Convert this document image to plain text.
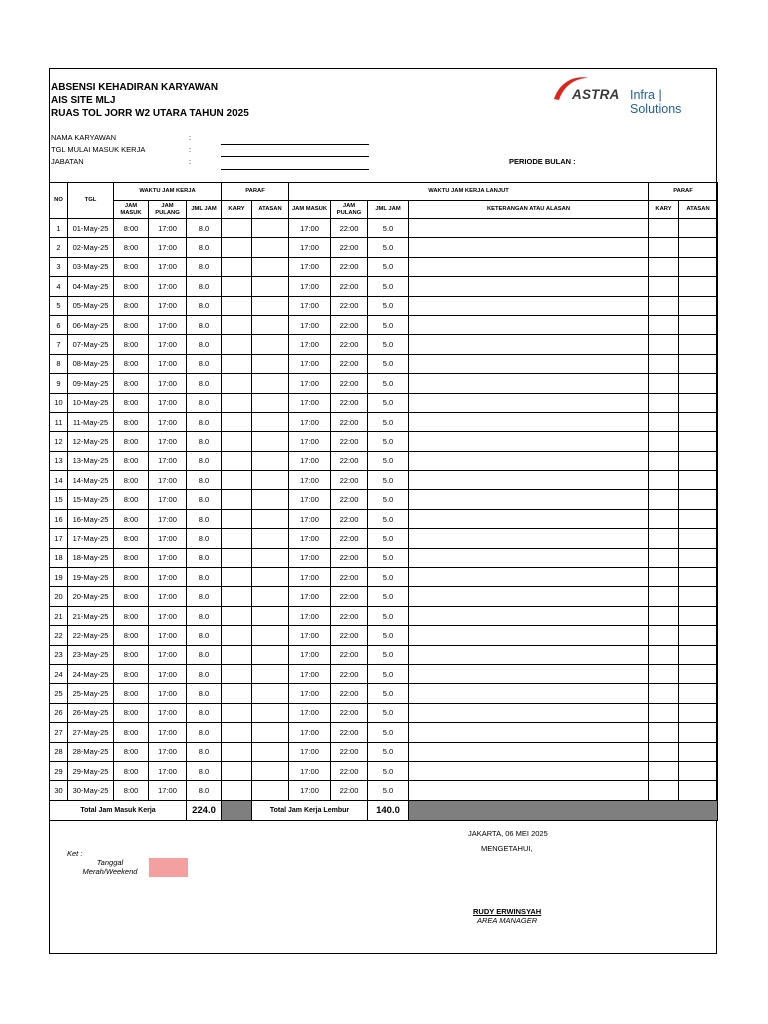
ABSENSI KEHADIRAN KARYAWAN
AIS SITE MLJ
RUAS TOL JORR W2 UTARA TAHUN 2025
ASTRA Infra | Solutions
NAMA KARYAWAN	:
TGL MULAI MASUK KERJA	:
JABATAN	:	PERIODE BULAN :
NO	TGL	WAKTU JAM KERJA			PARAF		WAKTU JAM KERJA LANJUT				PARAF	
		JAM MASUK	JAM PULANG	JML JAM	KARY	ATASAN	JAM MASUK	JAM PULANG	JML JAM	KETERANGAN ATAU ALASAN	KARY	ATASAN
1	01-May-25	8:00	17:00	8.0			17:00	22:00	5.0			
2	02-May-25	8:00	17:00	8.0			17:00	22:00	5.0			
3	03-May-25	8:00	17:00	8.0			17:00	22:00	5.0			
4	04-May-25	8:00	17:00	8.0			17:00	22:00	5.0			
5	05-May-25	8:00	17:00	8.0			17:00	22:00	5.0			
6	06-May-25	8:00	17:00	8.0			17:00	22:00	5.0			
7	07-May-25	8:00	17:00	8.0			17:00	22:00	5.0			
8	08-May-25	8:00	17:00	8.0			17:00	22:00	5.0			
9	09-May-25	8:00	17:00	8.0			17:00	22:00	5.0			
10	10-May-25	8:00	17:00	8.0			17:00	22:00	5.0			
11	11-May-25	8:00	17:00	8.0			17:00	22:00	5.0			
12	12-May-25	8:00	17:00	8.0			17:00	22:00	5.0			
13	13-May-25	8:00	17:00	8.0			17:00	22:00	5.0			
14	14-May-25	8:00	17:00	8.0			17:00	22:00	5.0			
15	15-May-25	8:00	17:00	8.0			17:00	22:00	5.0			
16	16-May-25	8:00	17:00	8.0			17:00	22:00	5.0			
17	17-May-25	8:00	17:00	8.0			17:00	22:00	5.0			
18	18-May-25	8:00	17:00	8.0			17:00	22:00	5.0			
19	19-May-25	8:00	17:00	8.0			17:00	22:00	5.0			
20	20-May-25	8:00	17:00	8.0			17:00	22:00	5.0			
21	21-May-25	8:00	17:00	8.0			17:00	22:00	5.0			
22	22-May-25	8:00	17:00	8.0			17:00	22:00	5.0			
23	23-May-25	8:00	17:00	8.0			17:00	22:00	5.0			
24	24-May-25	8:00	17:00	8.0			17:00	22:00	5.0			
25	25-May-25	8:00	17:00	8.0			17:00	22:00	5.0			
26	26-May-25	8:00	17:00	8.0			17:00	22:00	5.0			
27	27-May-25	8:00	17:00	8.0			17:00	22:00	5.0			
28	28-May-25	8:00	17:00	8.0			17:00	22:00	5.0			
29	29-May-25	8:00	17:00	8.0			17:00	22:00	5.0			
30	30-May-25	8:00	17:00	8.0			17:00	22:00	5.0			
Total Jam Masuk Kerja				224.0		Total Jam Kerja Lembur			140.0			
JAKARTA, 06 MEI 2025
MENGETAHUI,
Ket :
Tanggal Merah/Weekend
RUDY ERWINSYAH
AREA MANAGER
